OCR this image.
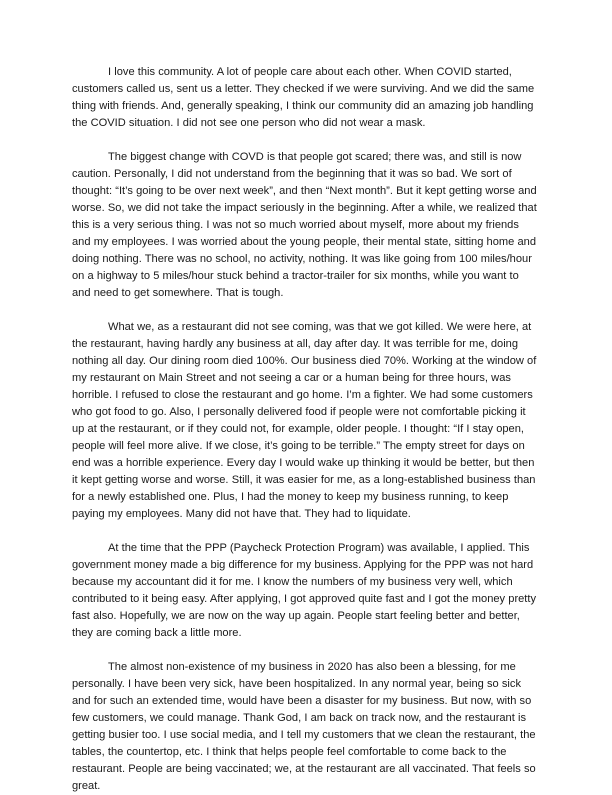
I love this community. A lot of people care about each other. When COVID started, customers called us, sent us a letter. They checked if we were surviving. And we did the same thing with friends. And, generally speaking, I think our community did an amazing job handling the COVID situation. I did not see one person who did not wear a mask.

The biggest change with COVD is that people got scared; there was, and still is now caution. Personally, I did not understand from the beginning that it was so bad. We sort of thought: “It’s going to be over next week”, and then “Next month”. But it kept getting worse and worse. So, we did not take the impact seriously in the beginning. After a while, we realized that this is a very serious thing. I was not so much worried about myself, more about my friends and my employees. I was worried about the young people, their mental state, sitting home and doing nothing. There was no school, no activity, nothing. It was like going from 100 miles/hour on a highway to 5 miles/hour stuck behind a tractor-trailer for six months, while you want to and need to get somewhere. That is tough.

What we, as a restaurant did not see coming, was that we got killed. We were here, at the restaurant, having hardly any business at all, day after day. It was terrible for me, doing nothing all day. Our dining room died 100%. Our business died 70%. Working at the window of my restaurant on Main Street and not seeing a car or a human being for three hours, was horrible. I refused to close the restaurant and go home. I’m a fighter. We had some customers who got food to go. Also, I personally delivered food if people were not comfortable picking it up at the restaurant, or if they could not, for example, older people. I thought: “If I stay open, people will feel more alive. If we close, it’s going to be terrible.” The empty street for days on end was a horrible experience. Every day I would wake up thinking it would be better, but then it kept getting worse and worse. Still, it was easier for me, as a long-established business than for a newly established one. Plus, I had the money to keep my business running, to keep paying my employees. Many did not have that. They had to liquidate.

At the time that the PPP (Paycheck Protection Program) was available, I applied. This government money made a big difference for my business. Applying for the PPP was not hard because my accountant did it for me. I know the numbers of my business very well, which contributed to it being easy. After applying, I got approved quite fast and I got the money pretty fast also. Hopefully, we are now on the way up again. People start feeling better and better, they are coming back a little more.

The almost non-existence of my business in 2020 has also been a blessing, for me personally. I have been very sick, have been hospitalized. In any normal year, being so sick and for such an extended time, would have been a disaster for my business. But now, with so few customers, we could manage. Thank God, I am back on track now, and the restaurant is getting busier too. I use social media, and I tell my customers that we clean the restaurant, the tables, the countertop, etc. I think that helps people feel comfortable to come back to the restaurant. People are being vaccinated; we, at the restaurant are all vaccinated. That feels so great.
